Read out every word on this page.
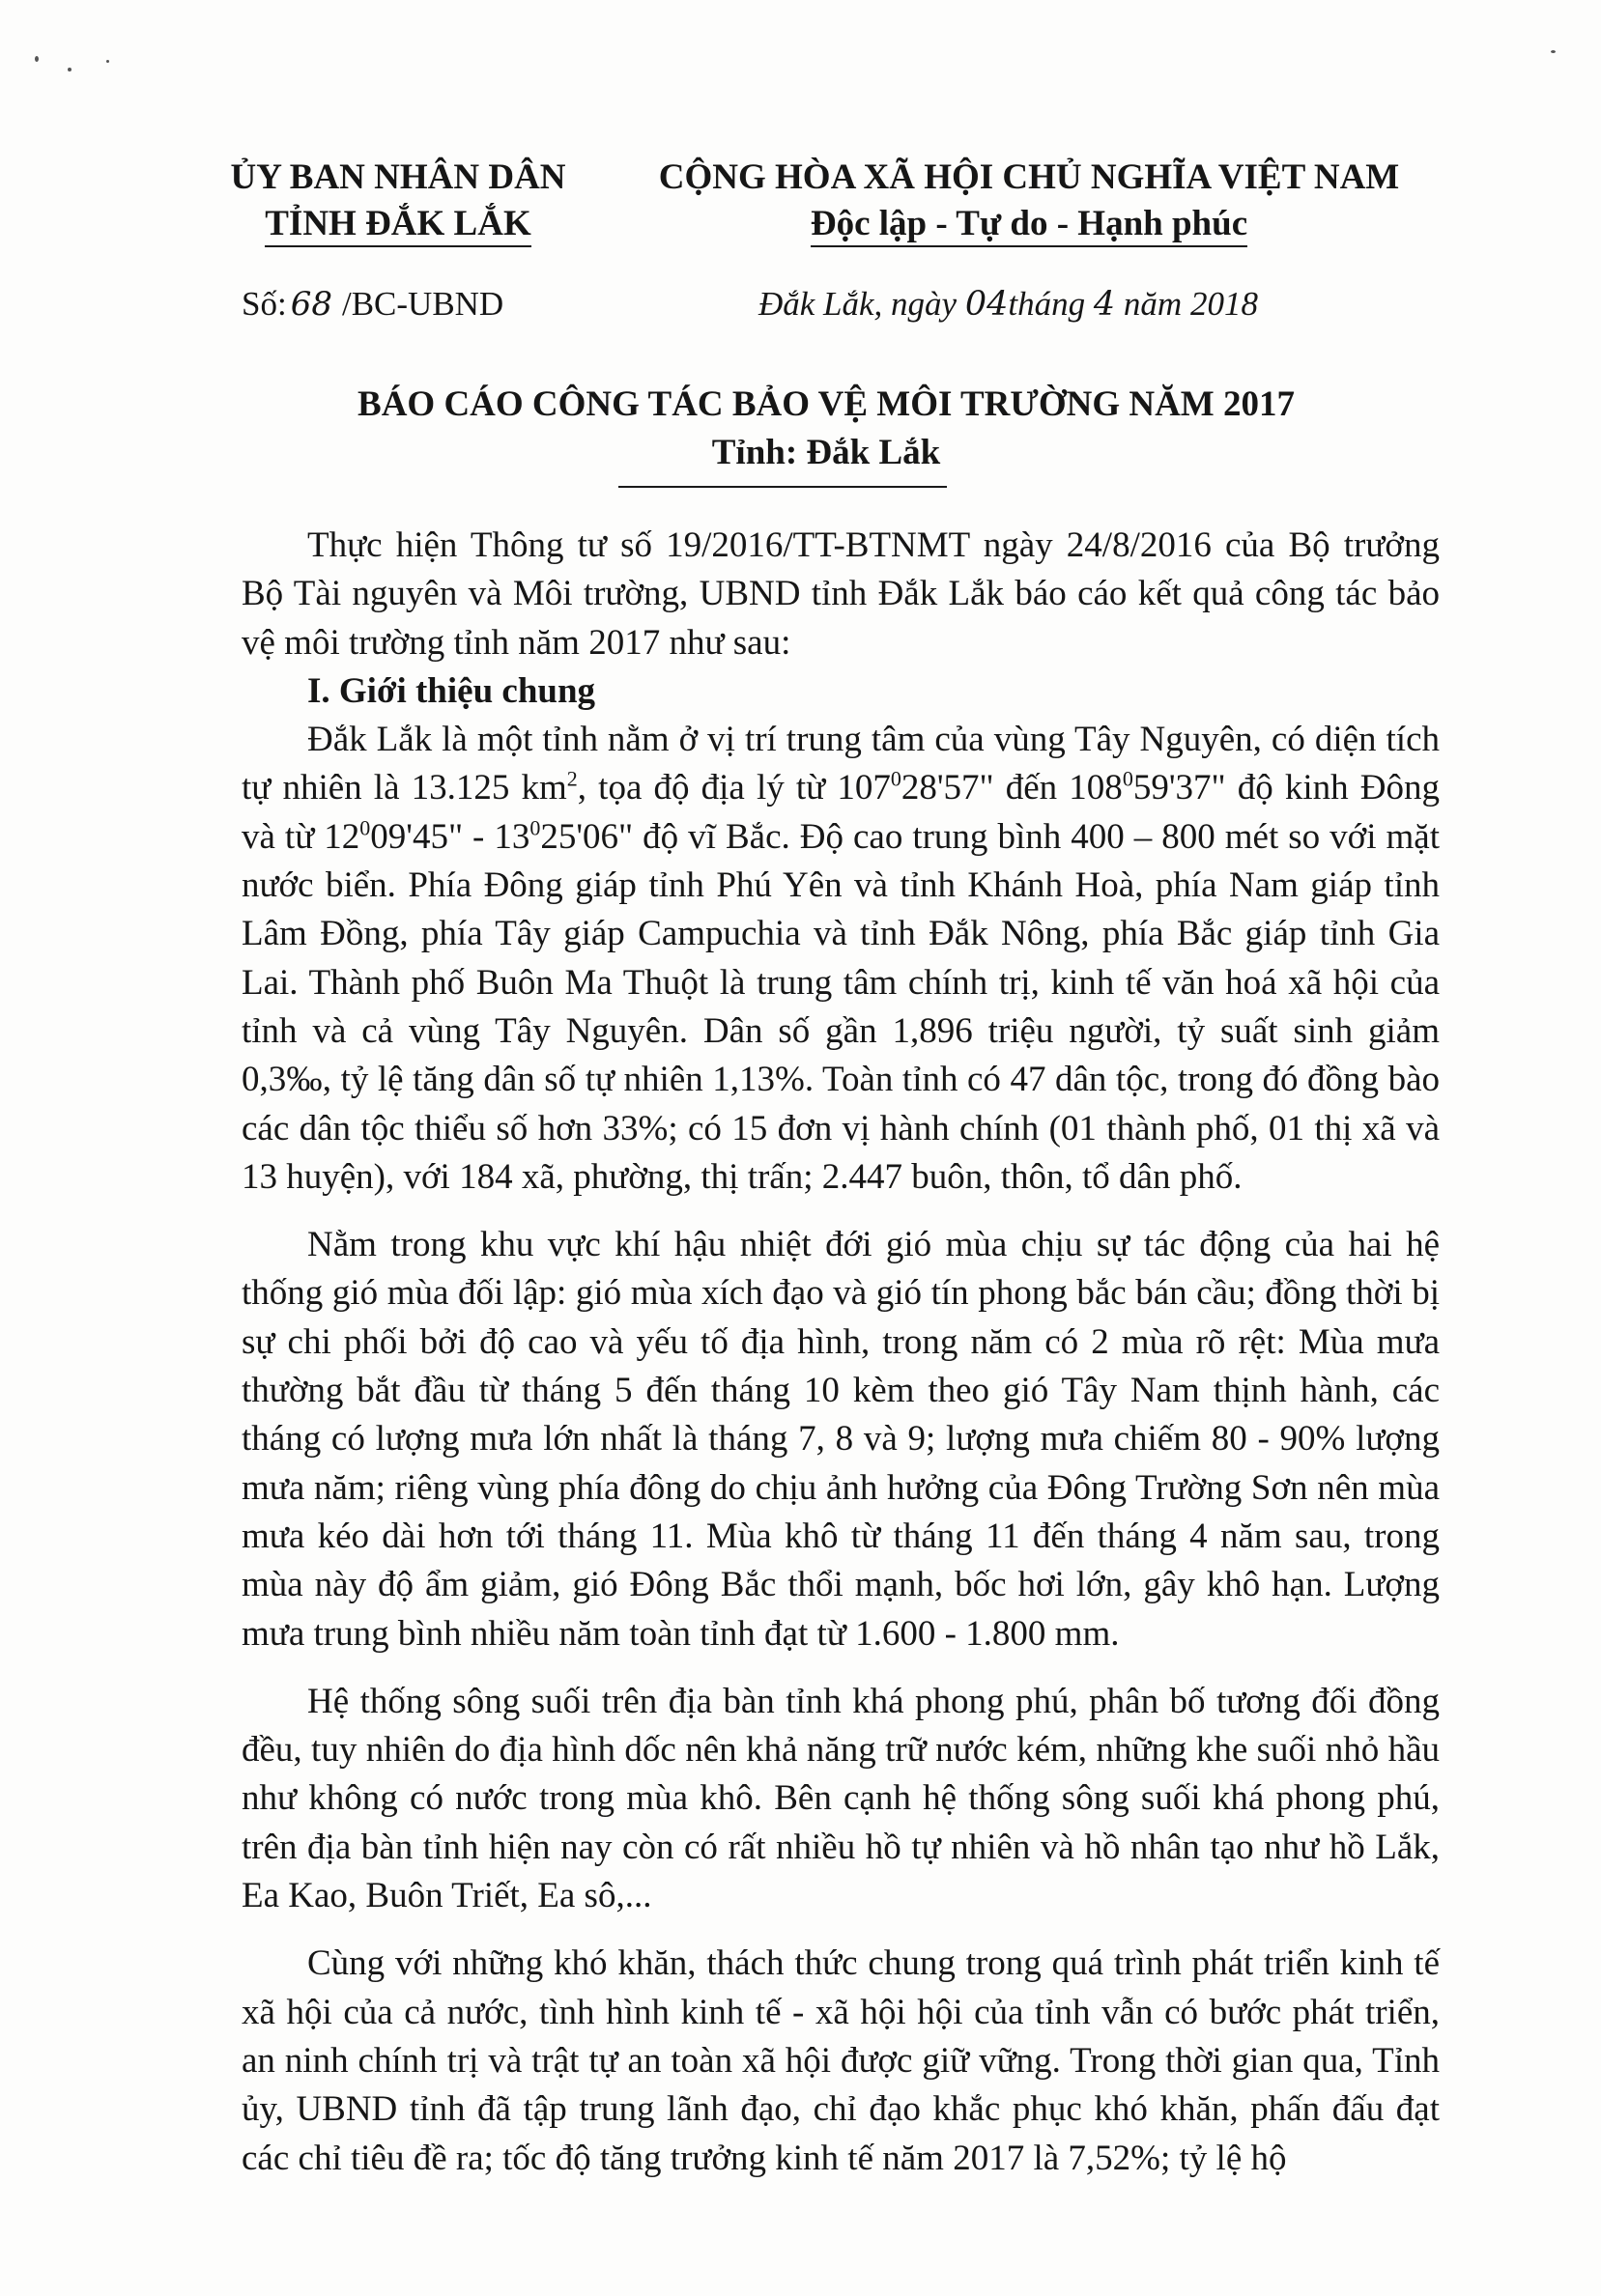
ỦY BAN NHÂN DÂN
TỈNH ĐẮK LẮK
CỘNG HÒA XÃ HỘI CHỦ NGHĨA VIỆT NAM
Độc lập - Tự do - Hạnh phúc
Số: 68 /BC-UBND	Đắk Lắk, ngày 04tháng 4 năm 2018
BÁO CÁO CÔNG TÁC BẢO VỆ MÔI TRƯỜNG NĂM 2017
Tỉnh: Đắk Lắk

Thực hiện Thông tư số 19/2016/TT-BTNMT ngày 24/8/2016 của Bộ trưởng Bộ Tài nguyên và Môi trường, UBND tỉnh Đắk Lắk báo cáo kết quả công tác bảo vệ môi trường tỉnh năm 2017 như sau:

I. Giới thiệu chung

Đắk Lắk là một tỉnh nằm ở vị trí trung tâm của vùng Tây Nguyên, có diện tích tự nhiên là 13.125 $km^2$, tọa độ địa lý từ $107^028'57$" đến $108^059'37$" độ kinh Đông và từ $12^009'45$" - $13^025'06$" độ vĩ Bắc. Độ cao trung bình 400 – 800 mét so với mặt nước biển. Phía Đông giáp tỉnh Phú Yên và tỉnh Khánh Hoà, phía Nam giáp tỉnh Lâm Đồng, phía Tây giáp Campuchia và tỉnh Đắk Nông, phía Bắc giáp tỉnh Gia Lai. Thành phố Buôn Ma Thuột là trung tâm chính trị, kinh tế văn hoá xã hội của tỉnh và cả vùng Tây Nguyên. Dân số gần 1,896 triệu người, tỷ suất sinh giảm 0,3‰, tỷ lệ tăng dân số tự nhiên 1,13%. Toàn tỉnh có 47 dân tộc, trong đó đồng bào các dân tộc thiểu số hơn 33%; có 15 đơn vị hành chính (01 thành phố, 01 thị xã và 13 huyện), với 184 xã, phường, thị trấn; 2.447 buôn, thôn, tổ dân phố.

Nằm trong khu vực khí hậu nhiệt đới gió mùa chịu sự tác động của hai hệ thống gió mùa đối lập: gió mùa xích đạo và gió tín phong bắc bán cầu; đồng thời bị sự chi phối bởi độ cao và yếu tố địa hình, trong năm có 2 mùa rõ rệt: Mùa mưa thường bắt đầu từ tháng 5 đến tháng 10 kèm theo gió Tây Nam thịnh hành, các tháng có lượng mưa lớn nhất là tháng 7, 8 và 9; lượng mưa chiếm 80 - 90% lượng mưa năm; riêng vùng phía đông do chịu ảnh hưởng của Đông Trường Sơn nên mùa mưa kéo dài hơn tới tháng 11. Mùa khô từ tháng 11 đến tháng 4 năm sau, trong mùa này độ ẩm giảm, gió Đông Bắc thổi mạnh, bốc hơi lớn, gây khô hạn. Lượng mưa trung bình nhiều năm toàn tỉnh đạt từ 1.600 - 1.800 mm.

Hệ thống sông suối trên địa bàn tỉnh khá phong phú, phân bố tương đối đồng đều, tuy nhiên do địa hình dốc nên khả năng trữ nước kém, những khe suối nhỏ hầu như không có nước trong mùa khô. Bên cạnh hệ thống sông suối khá phong phú, trên địa bàn tỉnh hiện nay còn có rất nhiều hồ tự nhiên và hồ nhân tạo như hồ Lắk, Ea Kao, Buôn Triết, Ea sô,...

Cùng với những khó khăn, thách thức chung trong quá trình phát triển kinh tế xã hội của cả nước, tình hình kinh tế - xã hội hội của tỉnh vẫn có bước phát triển, an ninh chính trị và trật tự an toàn xã hội được giữ vững. Trong thời gian qua, Tỉnh ủy, UBND tỉnh đã tập trung lãnh đạo, chỉ đạo khắc phục khó khăn, phấn đấu đạt các chỉ tiêu đề ra; tốc độ tăng trưởng kinh tế năm 2017 là 7,52%; tỷ lệ hộ
